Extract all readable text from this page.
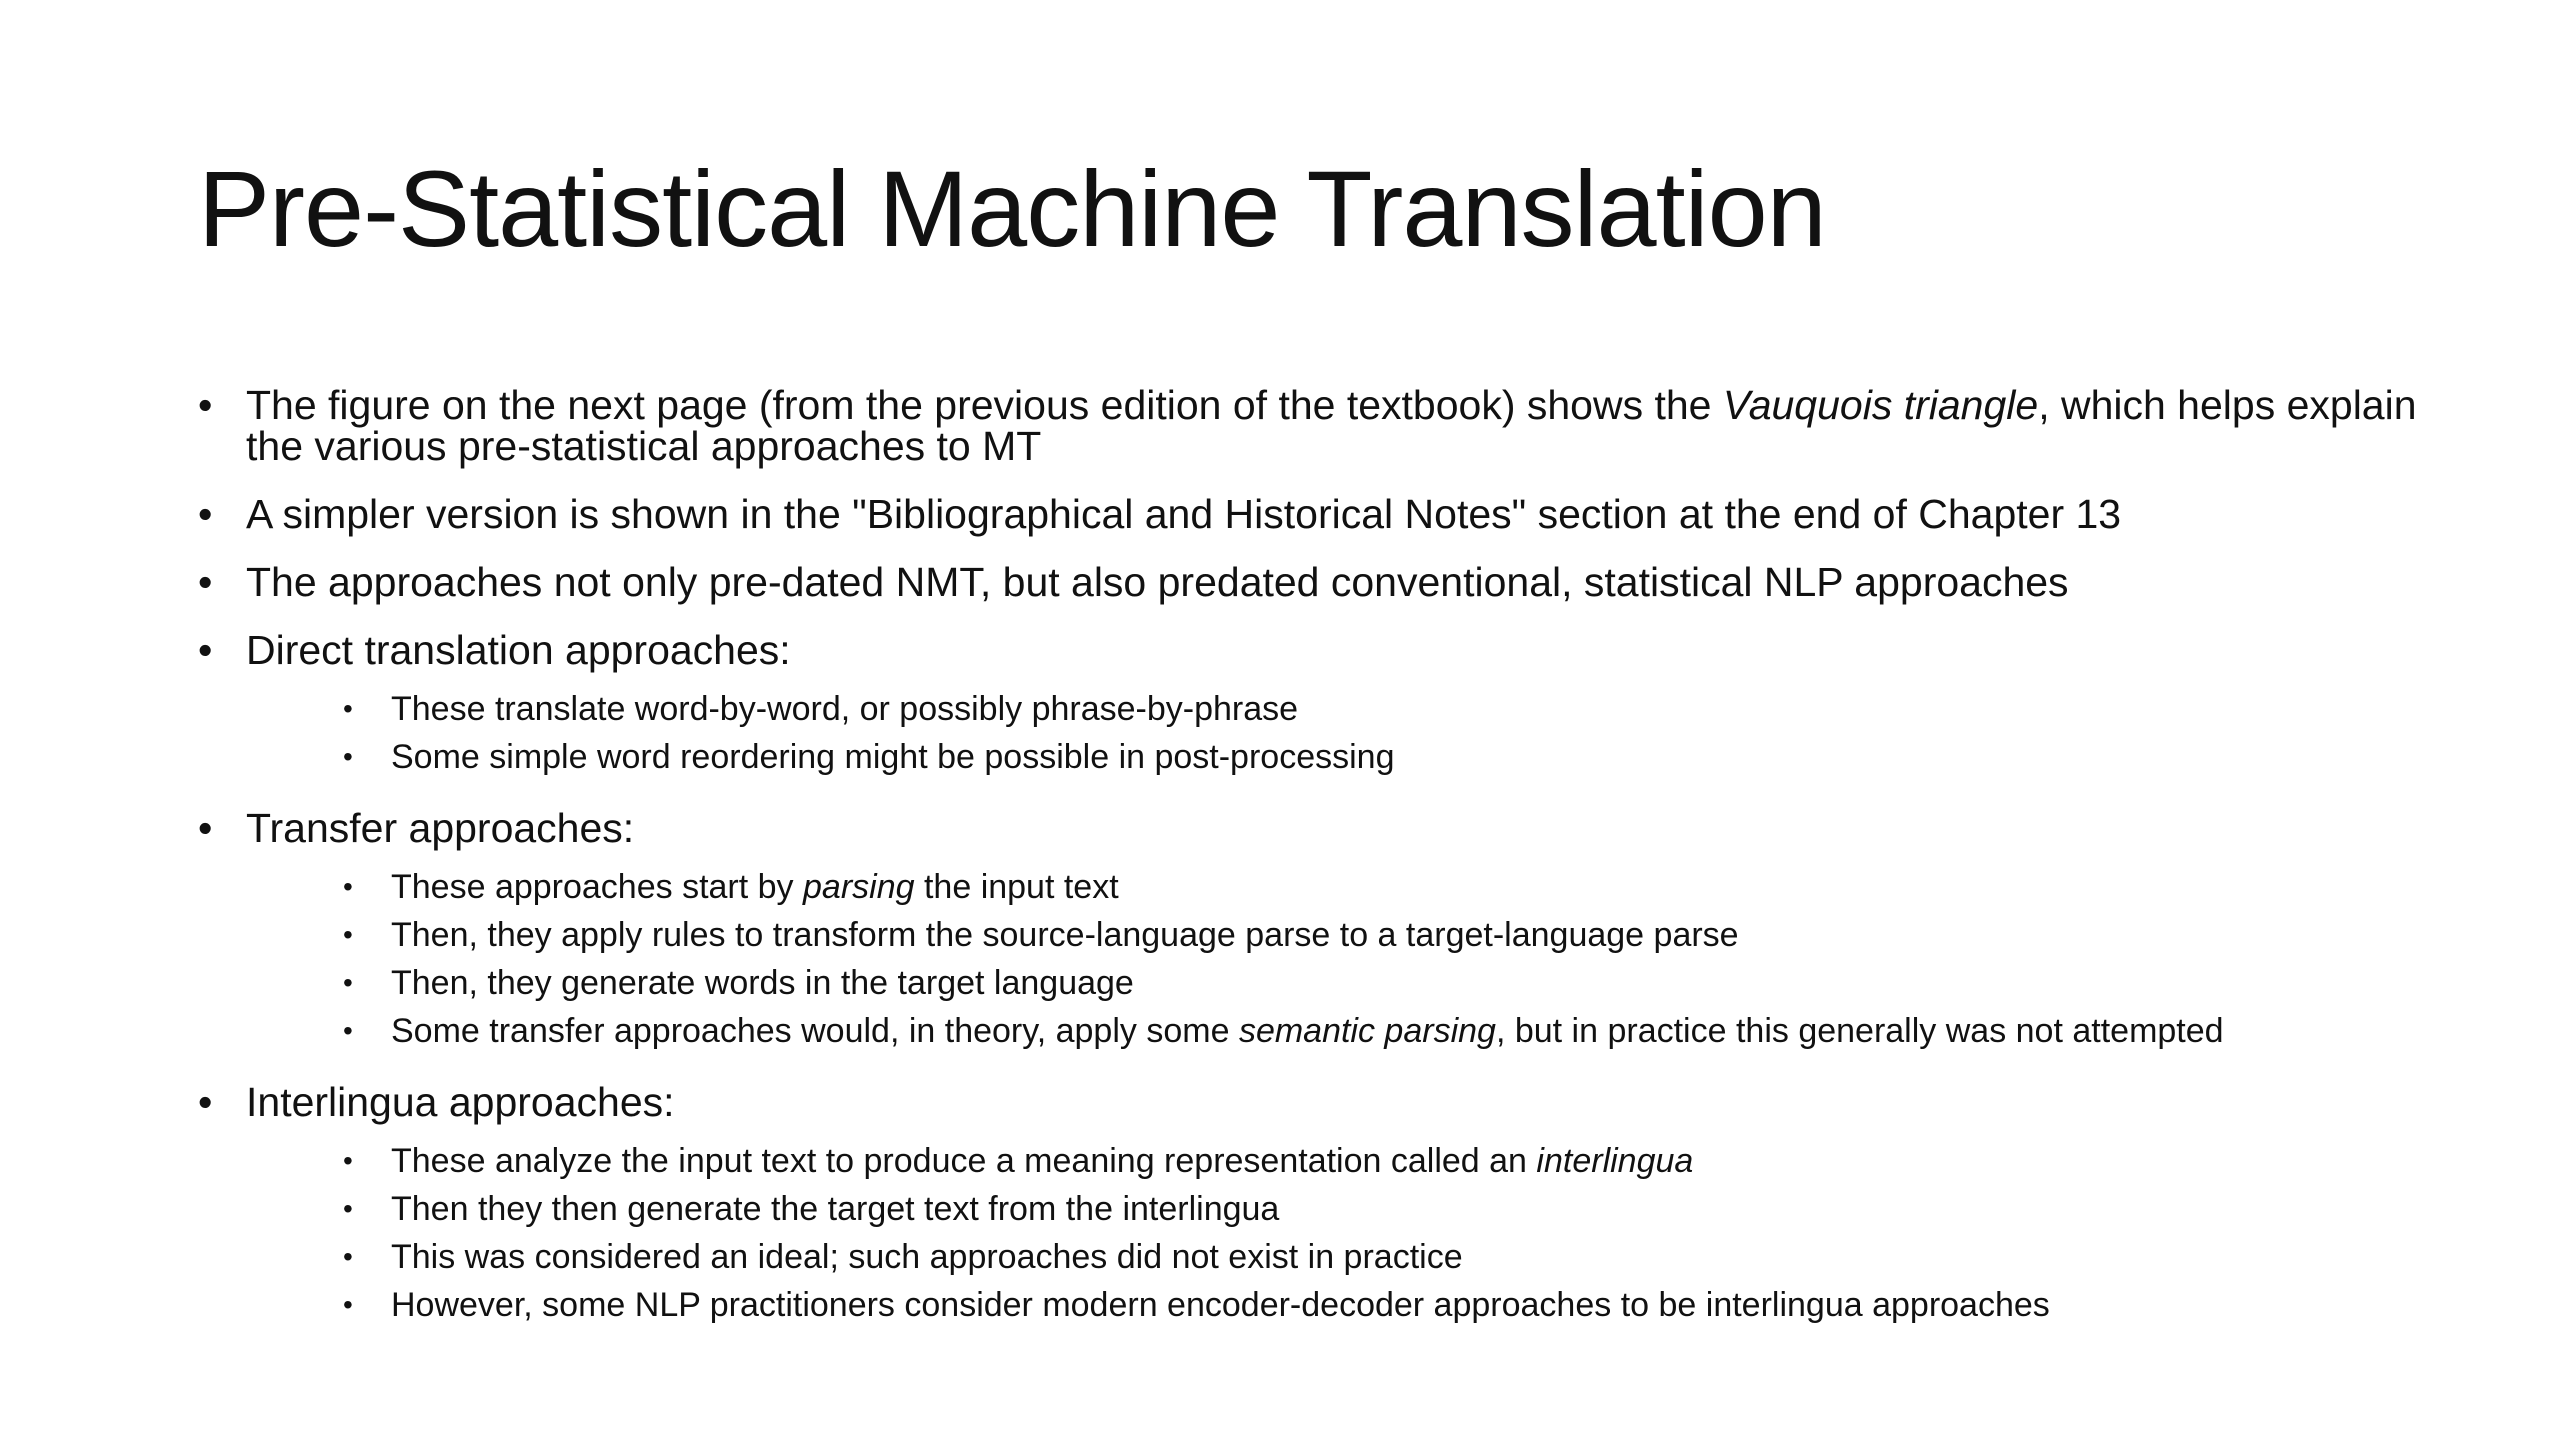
Pre-Statistical Machine Translation
• The figure on the next page (from the previous edition of the textbook) shows the Vauquois triangle, which helps explain the various pre-statistical approaches to MT
• A simpler version is shown in the "Bibliographical and Historical Notes" section at the end of Chapter 13
• The approaches not only pre-dated NMT, but also predated conventional, statistical NLP approaches
• Direct translation approaches:
• These translate word-by-word, or possibly phrase-by-phrase
• Some simple word reordering might be possible in post-processing
• Transfer approaches:
• These approaches start by parsing the input text
• Then, they apply rules to transform the source-language parse to a target-language parse
• Then, they generate words in the target language
• Some transfer approaches would, in theory, apply some semantic parsing, but in practice this generally was not attempted
• Interlingua approaches:
• These analyze the input text to produce a meaning representation called an interlingua
• Then they then generate the target text from the interlingua
• This was considered an ideal; such approaches did not exist in practice
• However, some NLP practitioners consider modern encoder-decoder approaches to be interlingua approaches
